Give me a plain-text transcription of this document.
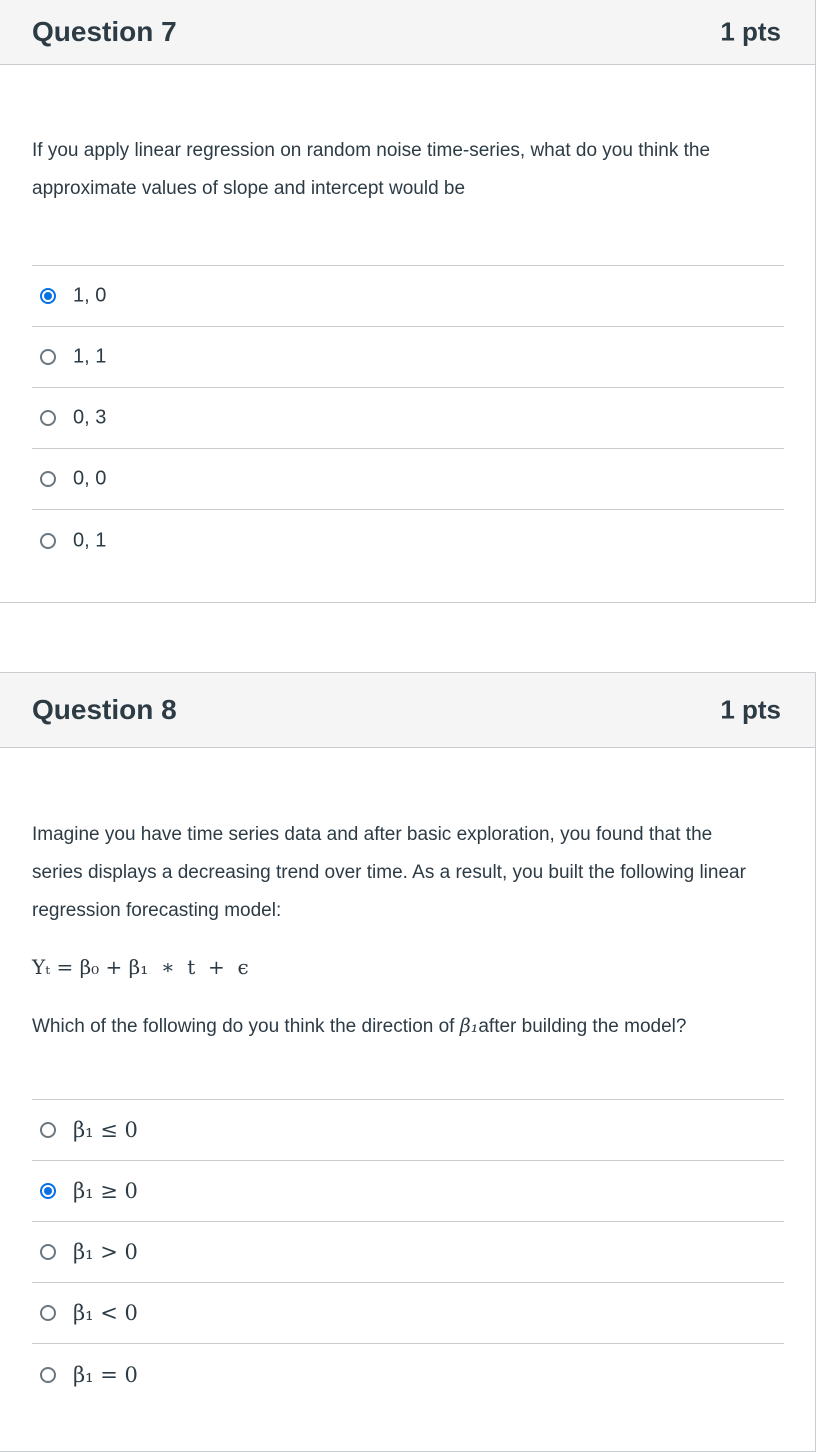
Question 7	1 pts
If you apply linear regression on random noise time-series, what do you think the approximate values of slope and intercept would be
1, 0
1, 1
0, 3
0, 0
0, 1
Question 8	1 pts
Imagine you have time series data and after basic exploration, you found that the series displays a decreasing trend over time. As a result, you built the following linear regression forecasting model:
Yₜ = β₀ + β₁  ∗  t  +  ϵ
Which of the following do you think the direction of β₁after building the model?
β₁ ≤ 0
β₁ ≥ 0
β₁ > 0
β₁ < 0
β₁ = 0
